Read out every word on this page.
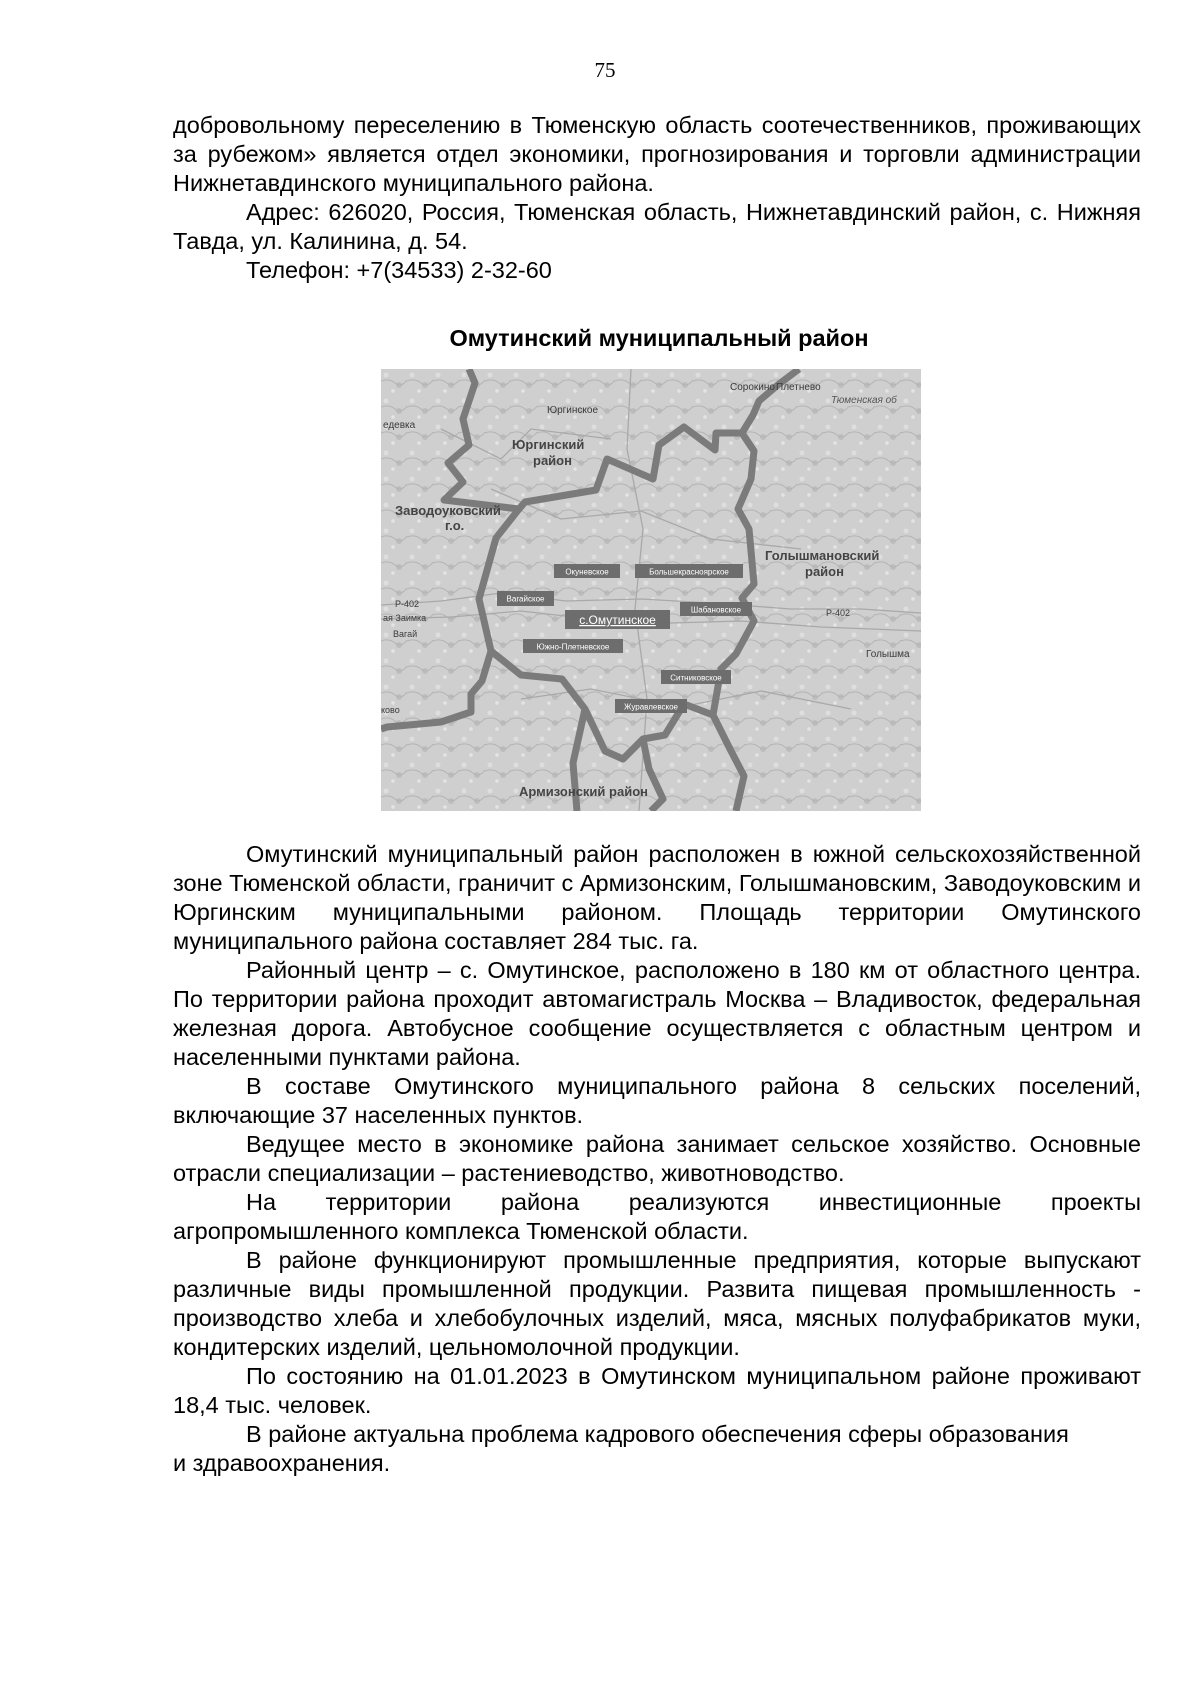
75

добровольному переселению в Тюменскую область соотечественников, проживающих за рубежом» является отдел экономики, прогнозирования и торговли администрации Нижнетавдинского муниципального района.

Адрес: 626020, Россия, Тюменская область, Нижнетавдинский район, с. Нижняя Тавда, ул. Калинина, д. 54.

Телефон: +7(34533) 2-32-60

Омутинский муниципальный район
Юргинское
едевка
Юргинский
район
Заводоуковский
г.о.
Голышмановский
район
Армизонский район
Сорокино Плетнево
Тюменская об
Р-402
Р-402
ая Заимка
Вагай
Голышма
ково
Окуневское	Большекрасноярское
Вагайское
Шабановское
с.Омутинское
Южно-Плетневское
Ситниковское
Журавлевское

Омутинский муниципальный район расположен в южной сельскохозяйственной зоне Тюменской области, граничит с Армизонским, Голышмановским, Заводоуковским и Юргинским муниципальными районом. Площадь территории Омутинского муниципального района составляет 284 тыс. га.

Районный центр – с. Омутинское, расположено в 180 км от областного центра. По территории района проходит автомагистраль Москва – Владивосток, федеральная железная дорога. Автобусное сообщение осуществляется с областным центром и населенными пунктами района.

В составе Омутинского муниципального района 8 сельских поселений, включающие 37 населенных пунктов.

Ведущее место в экономике района занимает сельское хозяйство. Основные отрасли специализации – растениеводство, животноводство.

На территории района реализуются инвестиционные проекты агропромышленного комплекса Тюменской области.

В районе функционируют промышленные предприятия, которые выпускают различные виды промышленной продукции. Развита пищевая промышленность - производство хлеба и хлебобулочных изделий, мяса, мясных полуфабрикатов муки, кондитерских изделий, цельномолочной продукции.

По состоянию на 01.01.2023 в Омутинском муниципальном районе проживают 18,4 тыс. человек.

В районе актуальна проблема кадрового обеспечения сферы образования

и здравоохранения.
